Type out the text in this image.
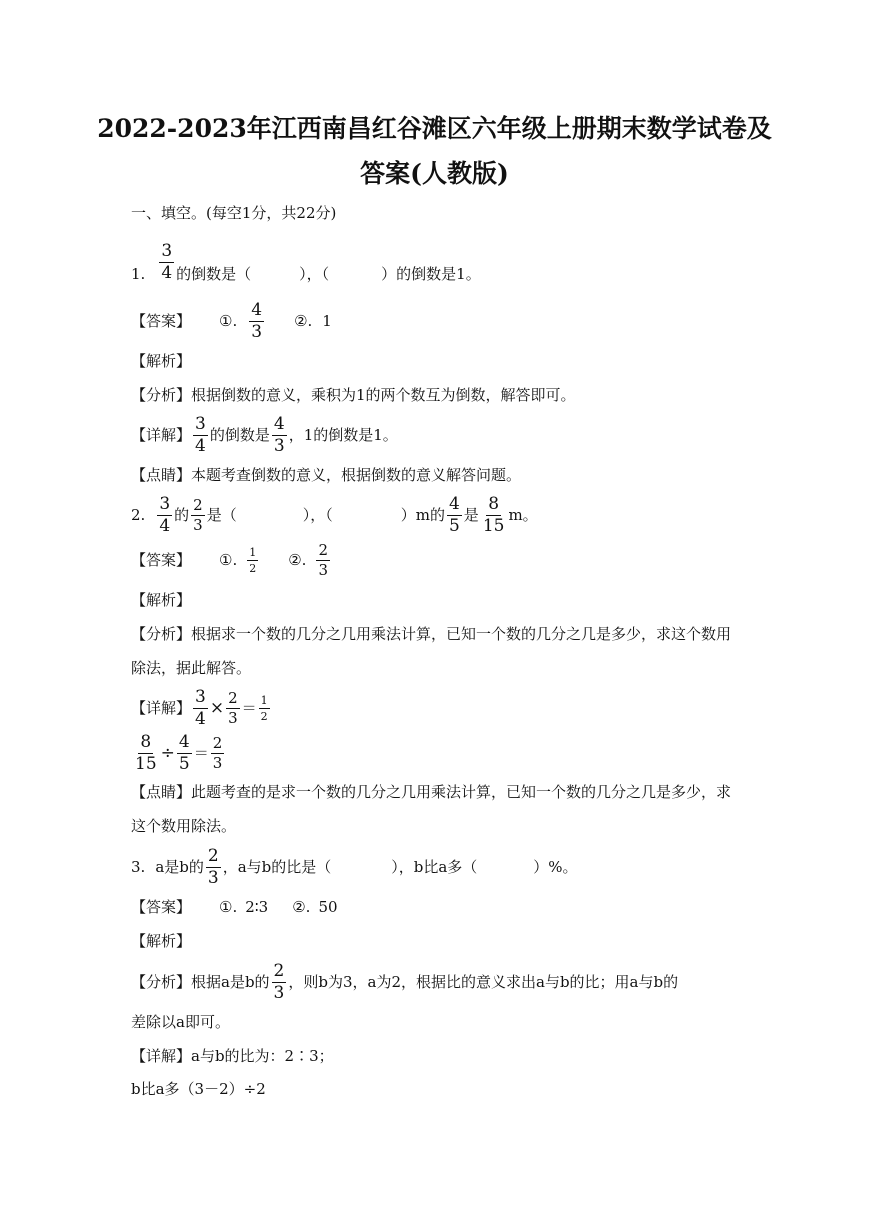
2022-2023年江西南昌红谷滩区六年级上册期末数学试卷及
答案(人教版)
一、填空。(每空1分，共22分)
1. $\frac{3}{4}$ 的倒数是（	），（	）的倒数是1。
【答案】 ①. $\frac{4}{3}$ ②. 1
【解析】
【分析】根据倒数的意义，乘积为1的两个数互为倒数，解答即可。
【详解】 $\frac{3}{4}$ 的倒数是 $\frac{4}{3}$ ，1的倒数是1。
【点睛】本题考查倒数的意义，根据倒数的意义解答问题。
2. $\frac{3}{4}$ 的 $\frac{2}{3}$ 是（	），（	）m的 $\frac{4}{5}$ 是 $\frac{8}{15}$ m。
【答案】 ①. $\frac{1}{2}$ ②. $\frac{2}{3}$
【解析】
【分析】根据求一个数的几分之几用乘法计算，已知一个数的几分之几是多少，求这个数用
除法，据此解答。
【详解】 $\frac{3}{4} \times \frac{2}{3} = \frac{1}{2}$
$\frac{8}{15} \div \frac{4}{5} = \frac{2}{3}$
【点睛】此题考查的是求一个数的几分之几用乘法计算，已知一个数的几分之几是多少，求
这个数用除法。
3. a是b的 $\frac{2}{3}$ ，a与b的比是（	），b比a多（	）%。
【答案】 ①. 2∶3 ②. 50
【解析】
【分析】根据a是b的 $\frac{2}{3}$ ，则b为3，a为2，根据比的意义求出a与b的比；用a与b的
差除以a即可。
【详解】a与b的比为：2∶3；
b比a多（3－2）÷2
